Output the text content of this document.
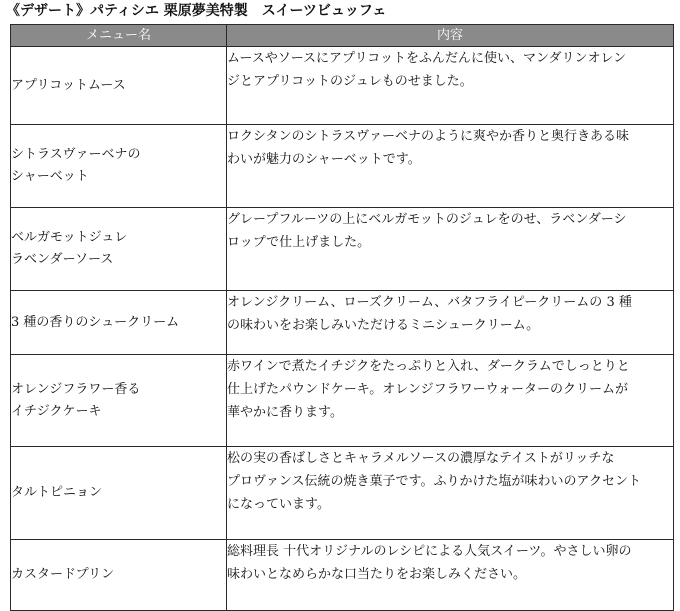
《デザート》パティシエ 栗原夢美特製　スイーツビュッフェ
メニュー名	内容

アプリコットムース	ムースやソースにアプリコットをふんだんに使い、マンダリンオレン
ジとアプリコットのジュレものせました。

シトラスヴァーベナの
シャーベット	ロクシタンのシトラスヴァーベナのように爽やか香りと奥行きある味
わいが魅力のシャーベットです。

ベルガモットジュレ
ラベンダーソース	グレープフルーツの上にベルガモットのジュレをのせ、ラベンダーシ
ロップで仕上げました。

3 種の香りのシュークリーム	オレンジクリーム、ローズクリーム、バタフライピークリームの 3 種
の味わいをお楽しみいただけるミニシュークリーム。

オレンジフラワー香る
イチジクケーキ	赤ワインで煮たイチジクをたっぷりと入れ、ダークラムでしっとりと
仕上げたパウンドケーキ。オレンジフラワーウォーターのクリームが
華やかに香ります。

タルトピニョン	松の実の香ばしさとキャラメルソースの濃厚なテイストがリッチな
プロヴァンス伝統の焼き菓子です。ふりかけた塩が味わいのアクセント
になっています。

カスタードプリン	総料理長 十代オリジナルのレシピによる人気スイーツ。やさしい卵の
味わいとなめらかな口当たりをお楽しみください。
